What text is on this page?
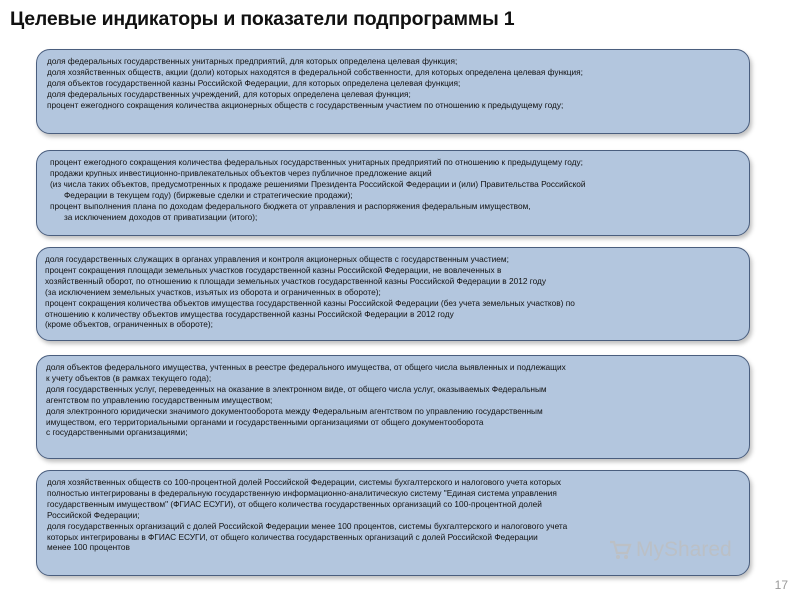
Целевые индикаторы и показатели подпрограммы 1
доля федеральных государственных унитарных предприятий, для которых определена целевая функция;
доля хозяйственных обществ, акции (доли) которых находятся в федеральной собственности, для которых определена целевая функция;
доля объектов государственной казны Российской Федерации, для которых определена целевая функция;
доля федеральных государственных учреждений, для которых определена целевая функция;
процент ежегодного сокращения количества акционерных обществ с государственным участием по отношению к предыдущему году;
процент ежегодного сокращения количества федеральных государственных унитарных предприятий по отношению к предыдущему году;
продажи крупных инвестиционно-привлекательных объектов через публичное предложение акций
(из числа таких объектов, предусмотренных к продаже решениями Президента Российской Федерации и (или) Правительства Российской
Федерации в текущем году) (биржевые сделки и стратегические продажи);
процент выполнения плана по доходам федерального бюджета от управления и распоряжения федеральным имуществом,
за исключением доходов от приватизации (итого);
доля государственных служащих в органах управления и контроля акционерных обществ с государственным участием;
процент сокращения площади земельных участков государственной казны Российской Федерации, не вовлеченных в
хозяйственный оборот, по отношению к площади земельных участков государственной казны Российской Федерации в 2012 году
(за исключением земельных участков, изъятых из оборота и ограниченных в обороте);
процент сокращения количества объектов имущества государственной казны Российской Федерации (без учета земельных участков) по
отношению к количеству объектов имущества государственной казны Российской Федерации в 2012 году
(кроме объектов, ограниченных в обороте);
доля объектов федерального имущества, учтенных в реестре федерального имущества, от общего числа выявленных и подлежащих
к учету объектов (в рамках текущего года);
доля государственных услуг, переведенных на оказание в электронном виде, от общего числа услуг, оказываемых Федеральным
агентством по управлению государственным имуществом;
доля электронного юридически значимого документооборота между Федеральным агентством по управлению государственным
имуществом, его территориальными органами и государственными организациями от общего документооборота
с государственными организациями;
доля хозяйственных обществ со 100-процентной долей Российской Федерации, системы бухгалтерского и налогового учета которых
полностью интегрированы в федеральную государственную информационно-аналитическую систему "Единая система управления
государственным имуществом" (ФГИАС ЕСУГИ), от общего количества государственных организаций со 100-процентной долей
Российской Федерации;
доля государственных организаций с долей Российской Федерации менее 100 процентов, системы бухгалтерского и налогового учета
которых интегрированы в ФГИАС ЕСУГИ, от общего количества государственных организаций с долей Российской Федерации
менее 100 процентов	MyShared
17
